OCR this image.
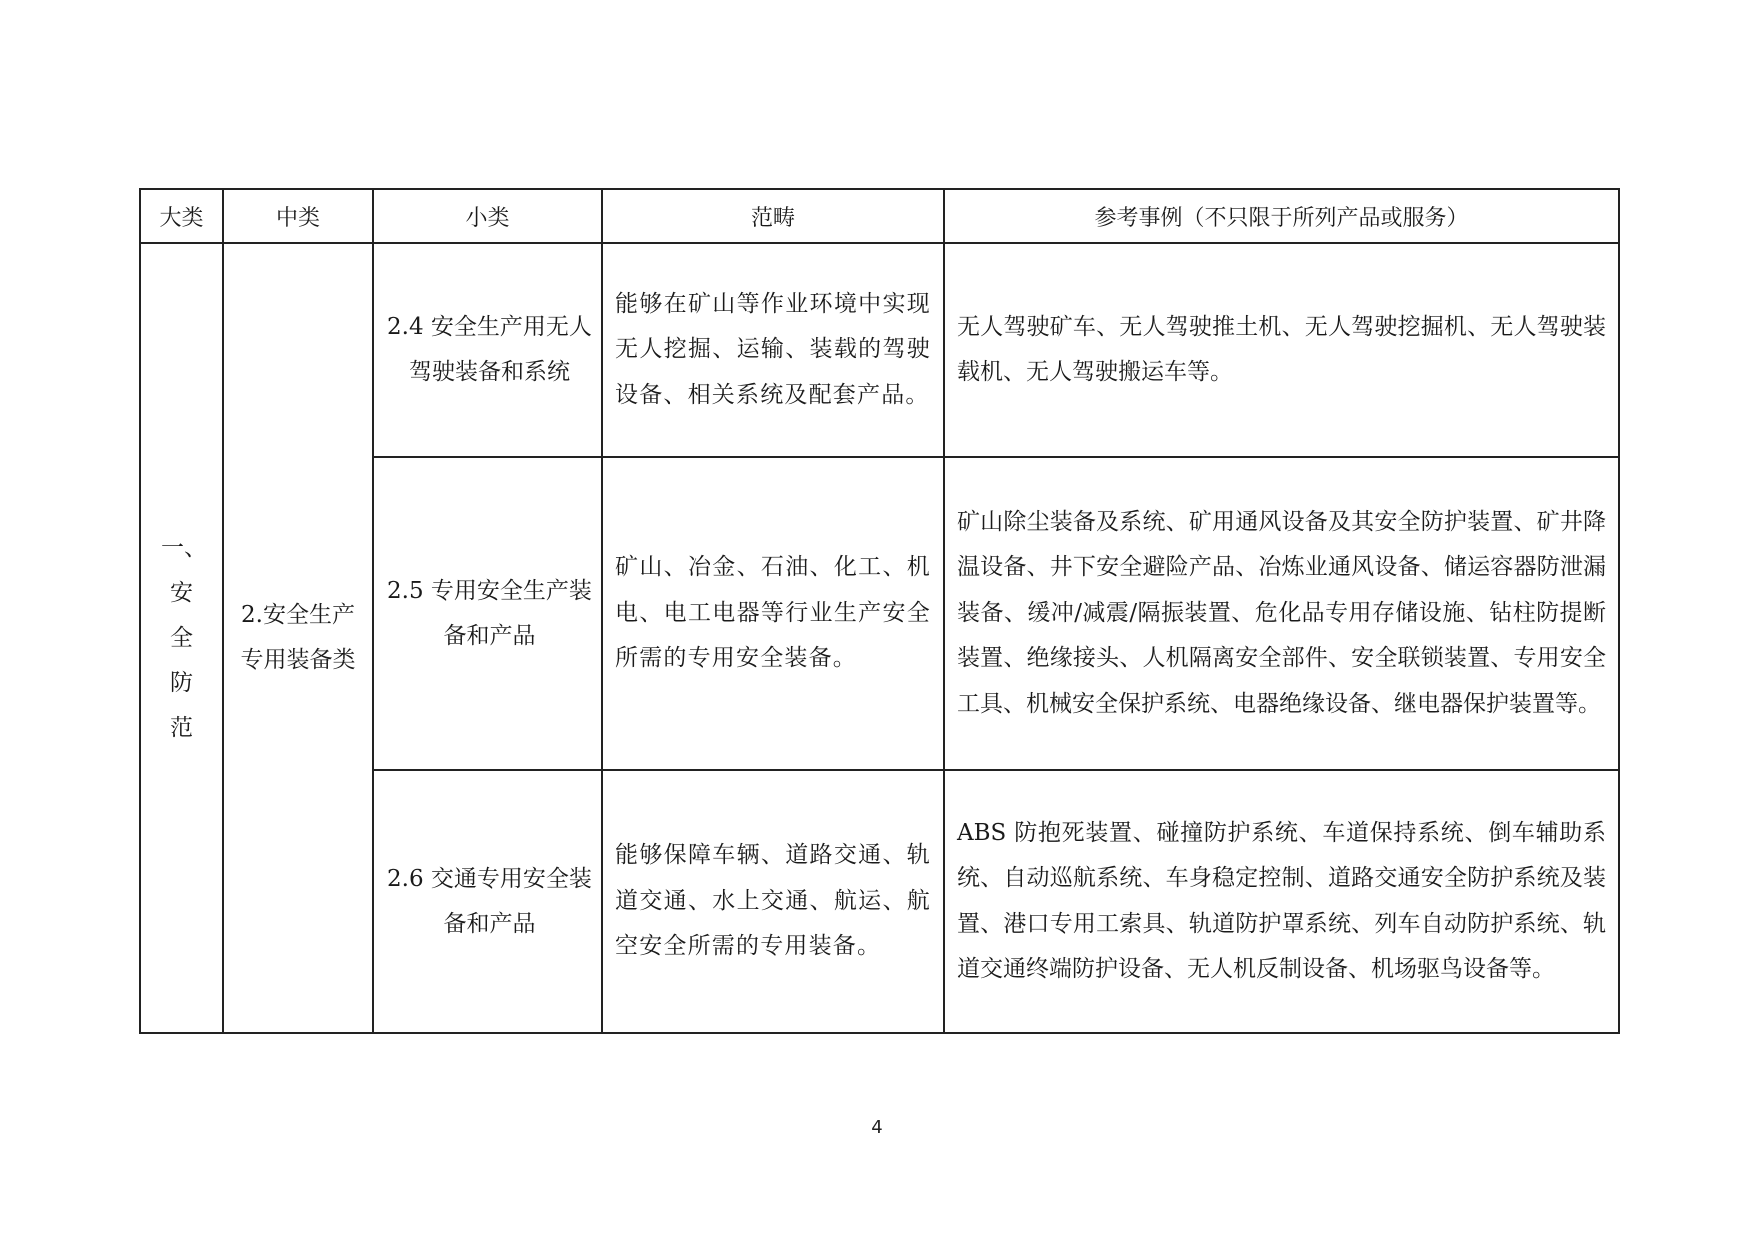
大类	中类	小类	范畴	参考事例（不只限于所列产品或服务）

一、安全防范	2.安全生产专用装备类	2.4 安全生产用无人驾驶装备和系统	能够在矿山等作业环境中实现无人挖掘、运输、装载的驾驶设备、相关系统及配套产品。	无人驾驶矿车、无人驾驶推土机、无人驾驶挖掘机、无人驾驶装载机、无人驾驶搬运车等。

		2.5 专用安全生产装备和产品	矿山、冶金、石油、化工、机电、电工电器等行业生产安全所需的专用安全装备。	矿山除尘装备及系统、矿用通风设备及其安全防护装置、矿井降温设备、井下安全避险产品、冶炼业通风设备、储运容器防泄漏装备、缓冲/减震/隔振装置、危化品专用存储设施、钻柱防提断装置、绝缘接头、人机隔离安全部件、安全联锁装置、专用安全工具、机械安全保护系统、电器绝缘设备、继电器保护装置等。

		2.6 交通专用安全装备和产品	能够保障车辆、道路交通、轨道交通、水上交通、航运、航空安全所需的专用装备。	ABS 防抱死装置、碰撞防护系统、车道保持系统、倒车辅助系统、自动巡航系统、车身稳定控制、道路交通安全防护系统及装置、港口专用工索具、轨道防护罩系统、列车自动防护系统、轨道交通终端防护设备、无人机反制设备、机场驱鸟设备等。
4
